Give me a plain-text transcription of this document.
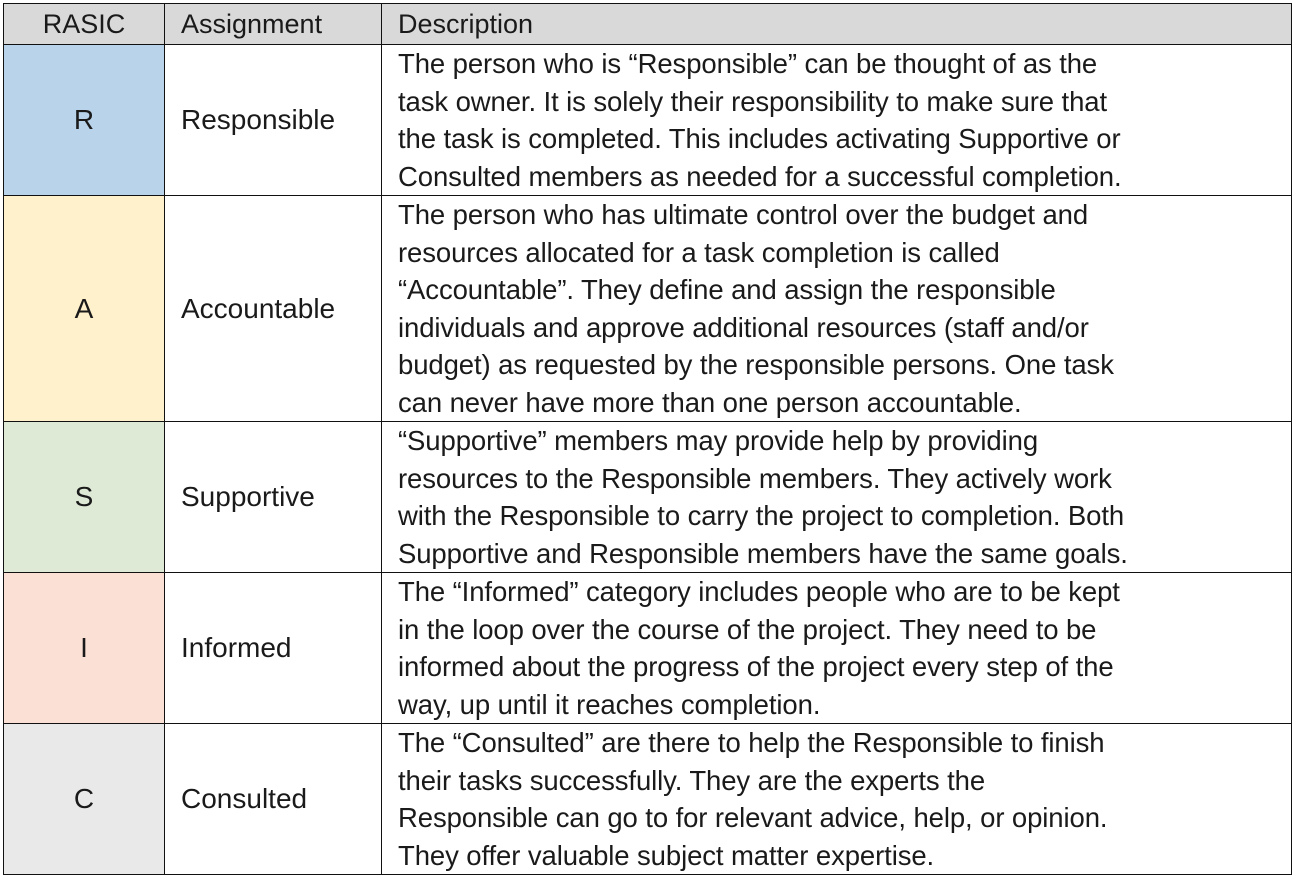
RASIC	Assignment	Description
R	Responsible	The person who is “Responsible” can be thought of as the
task owner. It is solely their responsibility to make sure that
the task is completed. This includes activating Supportive or
Consulted members as needed for a successful completion.

A	Accountable	
The person who has ultimate control over the budget and
resources allocated for a task completion is called
“Accountable”. They define and assign the responsible
individuals and approve additional resources (staff and/or
budget) as requested by the responsible persons. One task
can never have more than one person accountable.

S	Supportive	“Supportive” members may provide help by providing
resources to the Responsible members. They actively work
with the Responsible to carry the project to completion. Both
Supportive and Responsible members have the same goals.

I	Informed	The “Informed” category includes people who are to be kept
in the loop over the course of the project. They need to be
informed about the progress of the project every step of the
way, up until it reaches completion.

C	Consulted	The “Consulted” are there to help the Responsible to finish
their tasks successfully. They are the experts the
Responsible can go to for relevant advice, help, or opinion.
They offer valuable subject matter expertise.
